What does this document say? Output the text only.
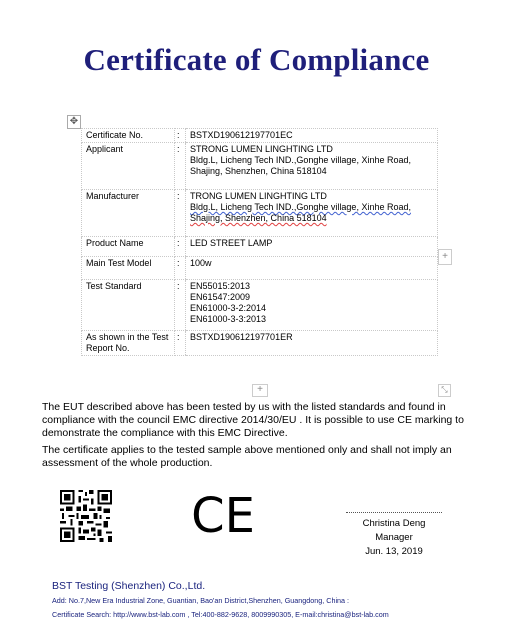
Certificate of Compliance
✥
Certificate No.	:	BSTXD190612197701EC
Applicant	:	STRONG LUMEN LINGHTING LTD
Bldg.L, Licheng Tech IND.,Gonghe village, Xinhe Road,
Shajing, Shenzhen, China 518104

Manufacturer	:	TRONG LUMEN LINGHTING LTD
Bldg.L, Licheng Tech IND.,Gonghe village, Xinhe Road,
Shajing, Shenzhen, China 518104

Product Name	:	LED STREET LAMP
Main Test Model	:	100w
Test Standard	:	EN55015:2013
EN61547:2009
EN61000-3-2:2014
EN61000-3-3:2013

As shown in the Test Report No.	:	BSTXD190612197701ER
+
+	⤡
The EUT described above has been tested by us with the listed standards and found in compliance with the council EMC directive 2014/30/EU . It is possible to use CE marking to demonstrate the compliance with this EMC Directive.
The certificate applies to the tested sample above mentioned only and shall not imply an assessment of the whole production.
CE	Christina Deng
Manager
Jun. 13, 2019
BST Testing (Shenzhen) Co.,Ltd.
Add: No.7,New Era Industrial Zone, Guantian, Bao'an District,Shenzhen, Guangdong, China :
Certificate Search: http://www.bst-lab.com , Tel:400-882-9628, 8009990305, E-mail:christina@bst-lab.com
